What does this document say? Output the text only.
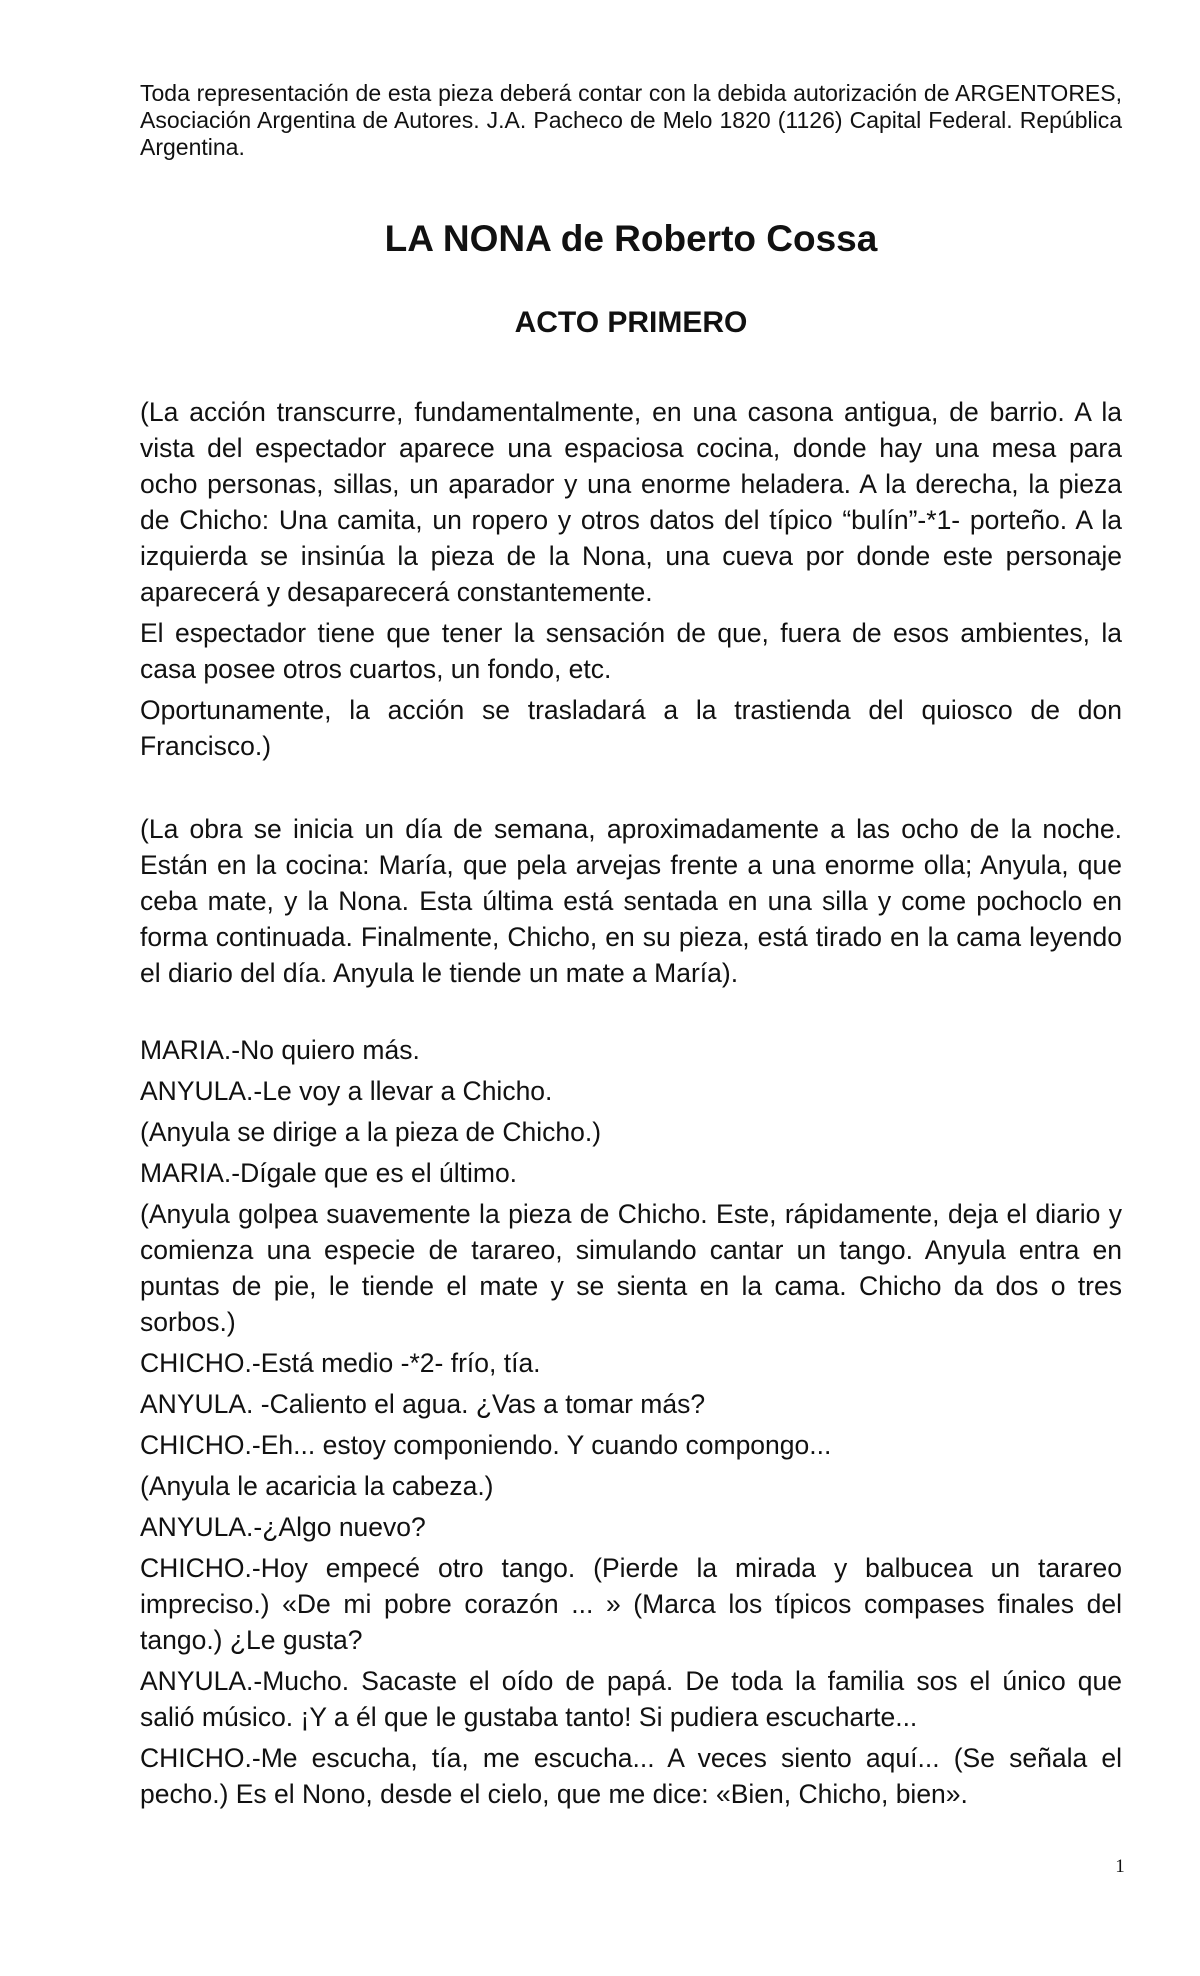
Toda representación de esta pieza deberá contar con la debida autorización de ARGENTORES, Asociación Argentina de Autores. J.A. Pacheco de Melo 1820 (1126) Capital Federal. República Argentina.

LA NONA de Roberto Cossa
ACTO PRIMERO

(La acción transcurre, fundamentalmente, en una casona antigua, de barrio. A la vista del espectador aparece una espaciosa cocina, donde hay una mesa para ocho personas, sillas, un aparador y una enorme heladera. A la derecha, la pieza de Chicho: Una camita, un ropero y otros datos del típico “bulín”-*1- porteño. A la izquierda se insinúa la pieza de la Nona, una cueva por donde este personaje aparecerá y desaparecerá constantemente.

El espectador tiene que tener la sensación de que, fuera de esos ambientes, la casa posee otros cuartos, un fondo, etc.

Oportunamente, la acción se trasladará a la trastienda del quiosco de don Francisco.)

(La obra se inicia un día de semana, aproximadamente a las ocho de la noche. Están en la cocina: María, que pela arvejas frente a una enorme olla; Anyula, que ceba mate, y la Nona. Esta última está sentada en una silla y come pochoclo en forma continuada. Finalmente, Chicho, en su pieza, está tirado en la cama leyendo el diario del día. Anyula le tiende un mate a María).

MARIA.-No quiero más.

ANYULA.-Le voy a llevar a Chicho.

(Anyula se dirige a la pieza de Chicho.)

MARIA.-Dígale que es el último.

(Anyula golpea suavemente la pieza de Chicho. Este, rápidamente, deja el diario y comienza una especie de tarareo, simulando cantar un tango. Anyula entra en puntas de pie, le tiende el mate y se sienta en la cama. Chicho da dos o tres sorbos.)

CHICHO.-Está medio -*2- frío, tía.

ANYULA. -Caliento el agua. ¿Vas a tomar más?

CHICHO.-Eh... estoy componiendo. Y cuando compongo...

(Anyula le acaricia la cabeza.)

ANYULA.-¿Algo nuevo?

CHICHO.-Hoy empecé otro tango. (Pierde la mirada y balbucea un tarareo impreciso.) «De mi pobre corazón ... » (Marca los típicos compases finales del tango.) ¿Le gusta?

ANYULA.-Mucho. Sacaste el oído de papá. De toda la familia sos el único que salió músico. ¡Y a él que le gustaba tanto! Si pudiera escucharte...

CHICHO.-Me escucha, tía, me escucha... A veces siento aquí... (Se señala el pecho.) Es el Nono, desde el cielo, que me dice: «Bien, Chicho, bien».

1
